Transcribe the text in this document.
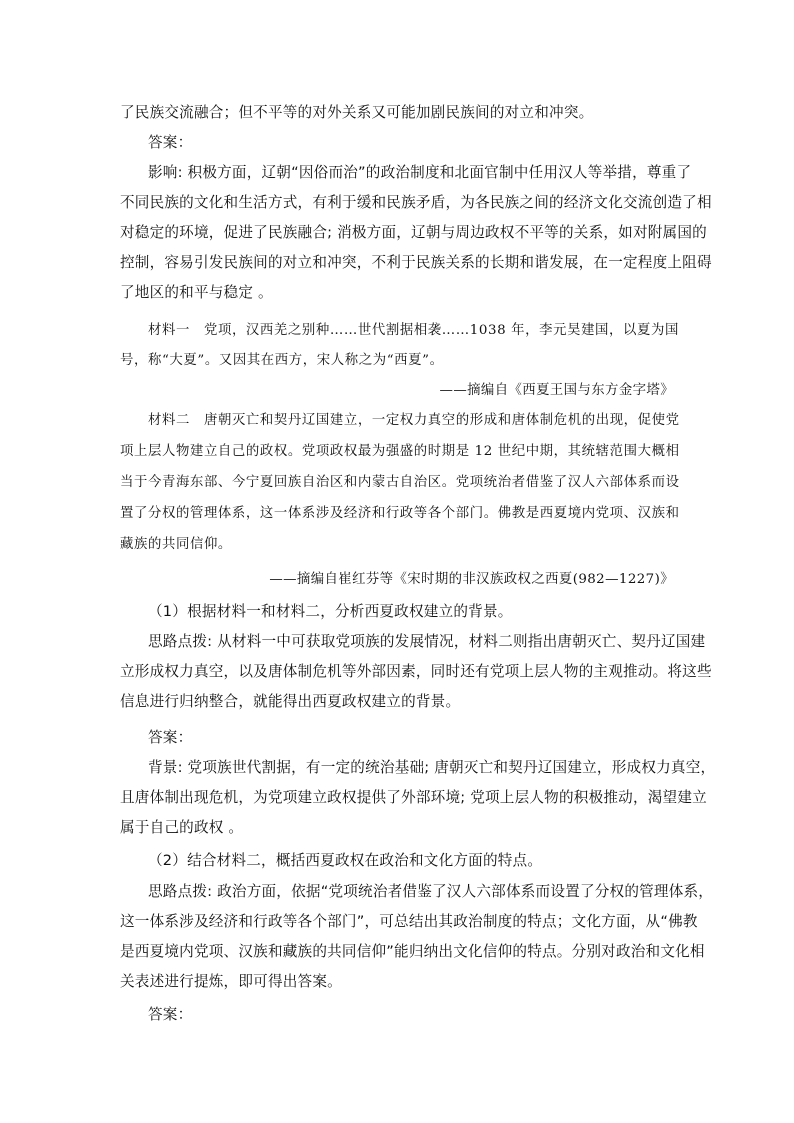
了民族交流融合；但不平等的对外关系又可能加剧民族间的对立和冲突。
答案：
影响: 积极方面，辽朝“因俗而治”的政治制度和北面官制中任用汉人等举措，尊重了
不同民族的文化和生活方式，有利于缓和民族矛盾，为各民族之间的经济文化交流创造了相
对稳定的环境，促进了民族融合; 消极方面，辽朝与周边政权不平等的关系，如对附属国的
控制，容易引发民族间的对立和冲突，不利于民族关系的长期和谐发展，在一定程度上阻碍
了地区的和平与稳定 。
材料一　党项，汉西羌之别种……世代割据相袭……1038 年，李元昊建国，以夏为国
号，称“大夏”。又因其在西方，宋人称之为“西夏”。
——摘编自《西夏王国与东方金字塔》
材料二　唐朝灭亡和契丹辽国建立，一定权力真空的形成和唐体制危机的出现，促使党
项上层人物建立自己的政权。党项政权最为强盛的时期是 12 世纪中期，其统辖范围大概相
当于今青海东部、今宁夏回族自治区和内蒙古自治区。党项统治者借鉴了汉人六部体系而设
置了分权的管理体系，这一体系涉及经济和行政等各个部门。佛教是西夏境内党项、汉族和
藏族的共同信仰。
——摘编自崔红芬等《宋时期的非汉族政权之西夏(982—1227)》
（1）根据材料一和材料二，分析西夏政权建立的背景。
思路点拨: 从材料一中可获取党项族的发展情况，材料二则指出唐朝灭亡、契丹辽国建
立形成权力真空，以及唐体制危机等外部因素，同时还有党项上层人物的主观推动。将这些
信息进行归纳整合，就能得出西夏政权建立的背景。
答案：
背景: 党项族世代割据，有一定的统治基础; 唐朝灭亡和契丹辽国建立，形成权力真空，
且唐体制出现危机，为党项建立政权提供了外部环境; 党项上层人物的积极推动，渴望建立
属于自己的政权 。
（2）结合材料二，概括西夏政权在政治和文化方面的特点。
思路点拨: 政治方面，依据“党项统治者借鉴了汉人六部体系而设置了分权的管理体系，
这一体系涉及经济和行政等各个部门”，可总结出其政治制度的特点；文化方面，从“佛教
是西夏境内党项、汉族和藏族的共同信仰”能归纳出文化信仰的特点。分别对政治和文化相
关表述进行提炼，即可得出答案。
答案：
